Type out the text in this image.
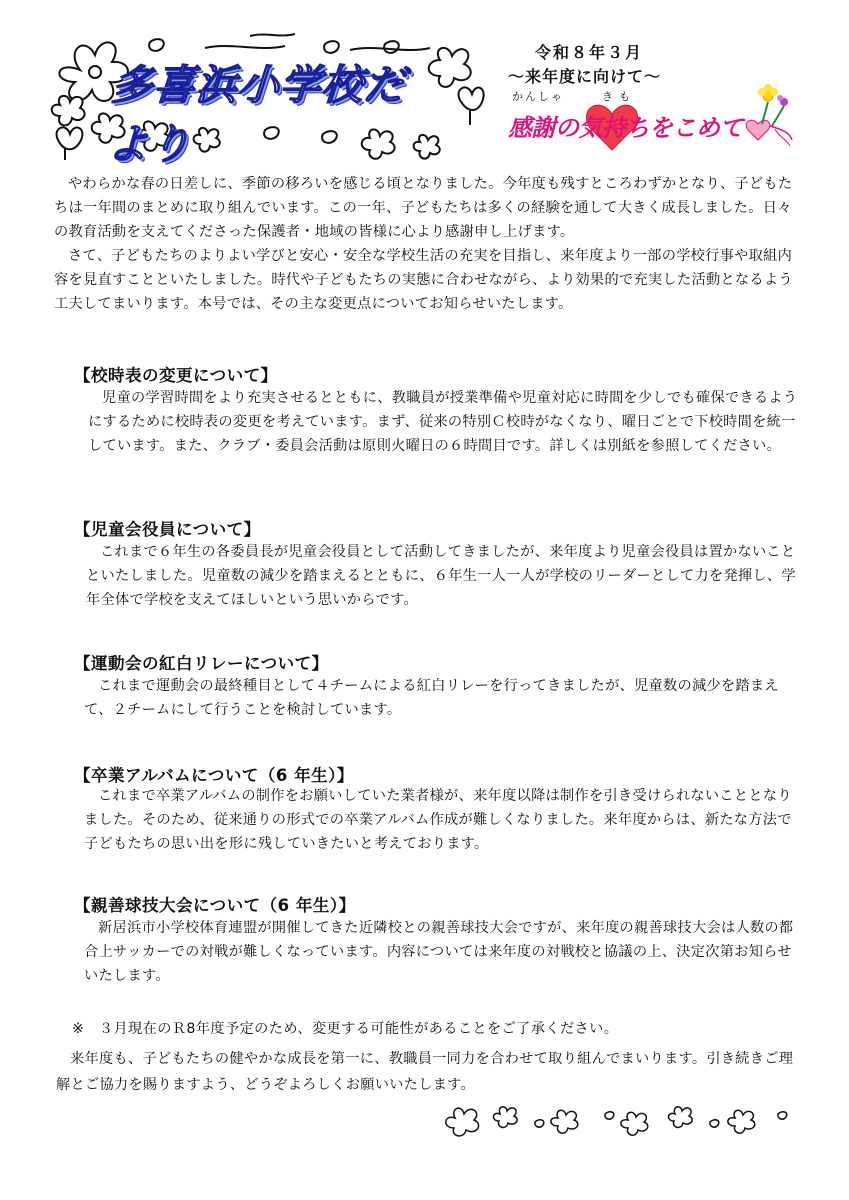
多喜浜小学校だより
令和８年３月
～来年度に向けて～
かんしゃ	きも
感謝の気持ちをこめて

やわらかな春の日差しに、季節の移ろいを感じる頃となりました。今年度も残すところわずかとなり、子どもたちは一年間のまとめに取り組んでいます。この一年、子どもたちは多くの経験を通して大きく成長しました。日々の教育活動を支えてくださった保護者・地域の皆様に心より感謝申し上げます。

さて、子どもたちのよりよい学びと安心・安全な学校生活の充実を目指し、来年度より一部の学校行事や取組内容を見直すことといたしました。時代や子どもたちの実態に合わせながら、より効果的で充実した活動となるよう工夫してまいります。本号では、その主な変更点についてお知らせいたします。

【校時表の変更について】
児童の学習時間をより充実させるとともに、教職員が授業準備や児童対応に時間を少しでも確保できるようにするために校時表の変更を考えています。まず、従来の特別Ｃ校時がなくなり、曜日ごとで下校時間を統一しています。また、クラブ・委員会活動は原則火曜日の６時間目です。詳しくは別紙を参照してください。
【児童会役員について】
これまで６年生の各委員長が児童会役員として活動してきましたが、来年度より児童会役員は置かないことといたしました。児童数の減少を踏まえるとともに、６年生一人一人が学校のリーダーとして力を発揮し、学年全体で学校を支えてほしいという思いからです。
【運動会の紅白リレーについて】
これまで運動会の最終種目として４チームによる紅白リレーを行ってきましたが、児童数の減少を踏まえて、２チームにして行うことを検討しています。
【卒業アルバムについて（6 年生）】
これまで卒業アルバムの制作をお願いしていた業者様が、来年度以降は制作を引き受けられないこととなりました。そのため、従来通りの形式での卒業アルバム作成が難しくなりました。来年度からは、新たな方法で子どもたちの思い出を形に残していきたいと考えております。
【親善球技大会について（6 年生）】
新居浜市小学校体育連盟が開催してきた近隣校との親善球技大会ですが、来年度の親善球技大会は人数の都合上サッカーでの対戦が難しくなっています。内容については来年度の対戦校と協議の上、決定次第お知らせいたします。
※　３月現在のＲ8年度予定のため、変更する可能性があることをご了承ください。
来年度も、子どもたちの健やかな成長を第一に、教職員一同力を合わせて取り組んでまいります。引き続きご理解とご協力を賜りますよう、どうぞよろしくお願いいたします。
